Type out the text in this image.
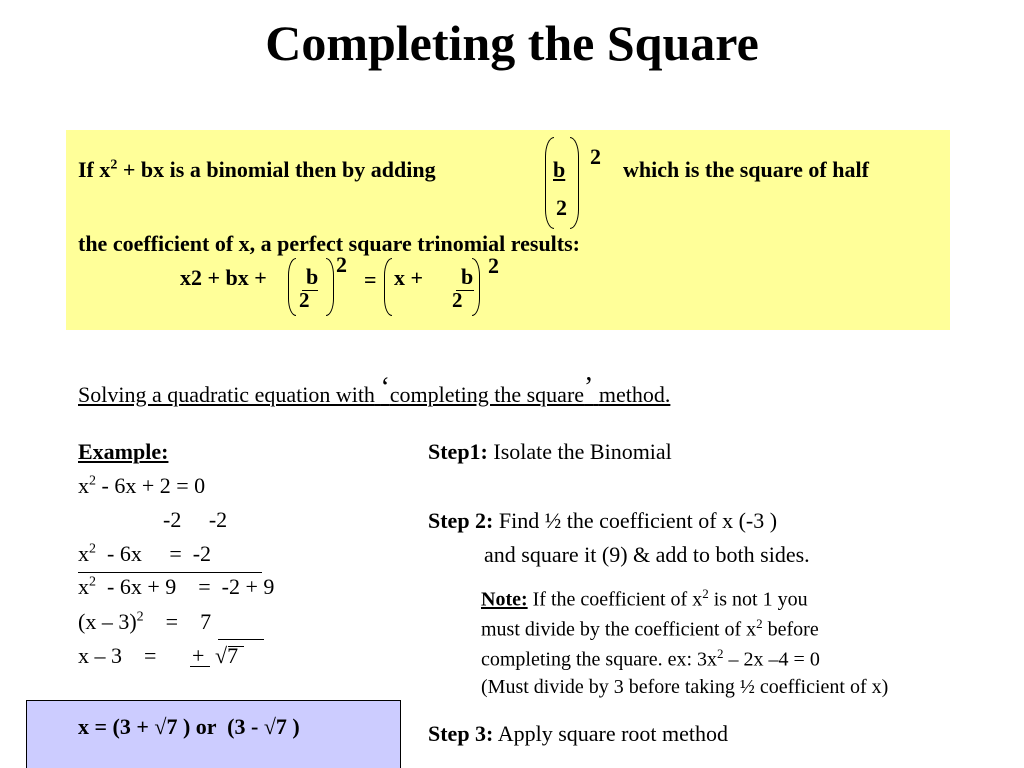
Completing the Square
If $x^2$ + bx is a binomial then by adding	b
2
2
which is the square of half
the coefficient of x, a perfect square trinomial results:
x2 + bx + b
2
2
= x + b
2
2
Solving a quadratic equation with ‘completing the square’ method.
Example:
$x^2 - 6x + 2 = 0$
-2     -2
$x^2 - 6x$     =  -2
$x^2 - 6x + 9$    =  -2 + 9
(x – 3)$^2$    =    7
x – 3    = + √7
x = (3 + √7 ) or  (3 - √7 )
Step1: Isolate the Binomial
Step 2: Find ½ the coefficient of x (-3 )
and square it (9) & add to both sides.
Note: If the coefficient of $x^2$ is not 1 you
must divide by the coefficient of $x^2$ before
completing the square. ex: $3x^2 - 2x$ –4 = 0
(Must divide by 3 before taking ½ coefficient of x)
Step 3: Apply square root method
